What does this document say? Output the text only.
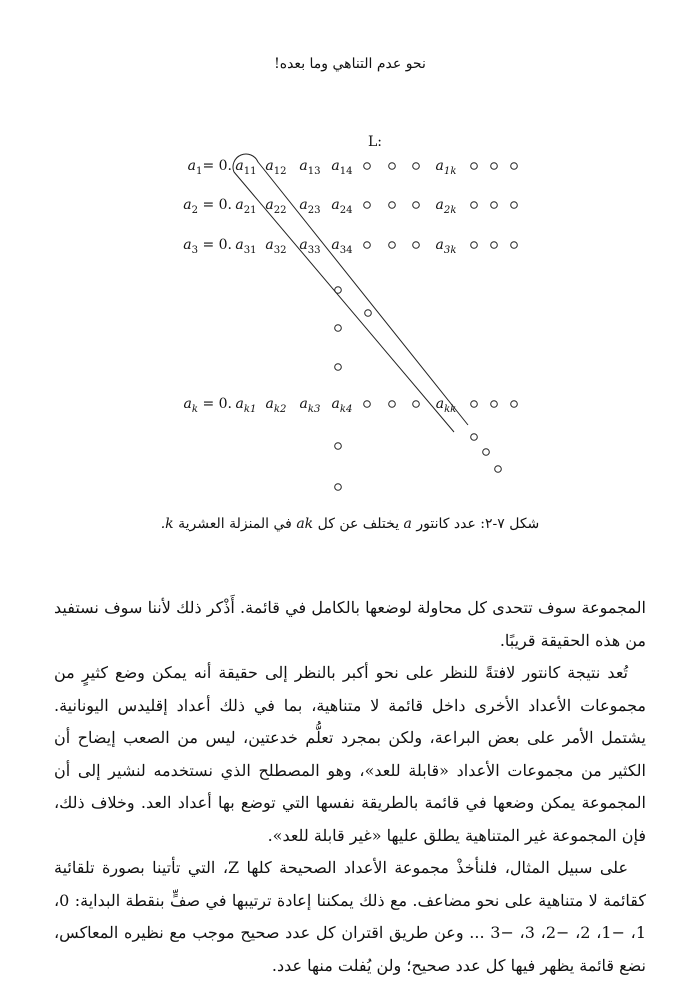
نحو عدم التناهي وما بعده!
L:
$a_1= 0$. $a_{11}$ $a_{12}$ $a_{13}$ $a_{14}$	$a_{1k}$
$a_2 = 0$. $a_{21}$ $a_{22}$ $a_{23}$ $a_{24}$	$a_{2k}$
$a_3 = 0$. $a_{31}$ $a_{32}$ $a_{33}$ $a_{34}$	$a_{3k}$
$a_k = 0$. $a_{k1}$ $a_{k2}$ $a_{k3}$ $a_{k4}$	$a_{kk}$
شكل ٧-٢: عدد كانتور a يختلف عن كل ak في المنزلة العشرية k.

المجموعة سوف تتحدى كل محاولة لوضعها بالكامل في قائمة. أَذْكر ذلك لأننا سوف نستفيد من هذه الحقيقة قريبًا.

تُعد نتيجة كانتور لافتةً للنظر على نحو أكبر بالنظر إلى حقيقة أنه يمكن وضع كثيرٍ من مجموعات الأعداد الأخرى داخل قائمة لا متناهية، بما في ذلك أعداد إقليدس اليونانية. يشتمل الأمر على بعض البراعة، ولكن بمجرد تعلُّم خدعتين، ليس من الصعب إيضاح أن الكثير من مجموعات الأعداد «قابلة للعد»، وهو المصطلح الذي نستخدمه لنشير إلى أن المجموعة يمكن وضعها في قائمة بالطريقة نفسها التي توضع بها أعداد العد. وخلاف ذلك، فإن المجموعة غير المتناهية يطلق عليها «غير قابلة للعد».

على سبيل المثال، فلنأخذْ مجموعة الأعداد الصحيحة كلها Z، التي تأتينا بصورة تلقائية كقائمة لا متناهية على نحو مضاعف. مع ذلك يمكننا إعادة ترتيبها في صفٍّ بنقطة البداية: 0، 1، −1، 2، −2، 3، −3 ... وعن طريق اقتران كل عدد صحيح موجب مع نظيره المعاكس، نضع قائمة يظهر فيها كل عدد صحيح؛ ولن يُفلت منها عدد.
